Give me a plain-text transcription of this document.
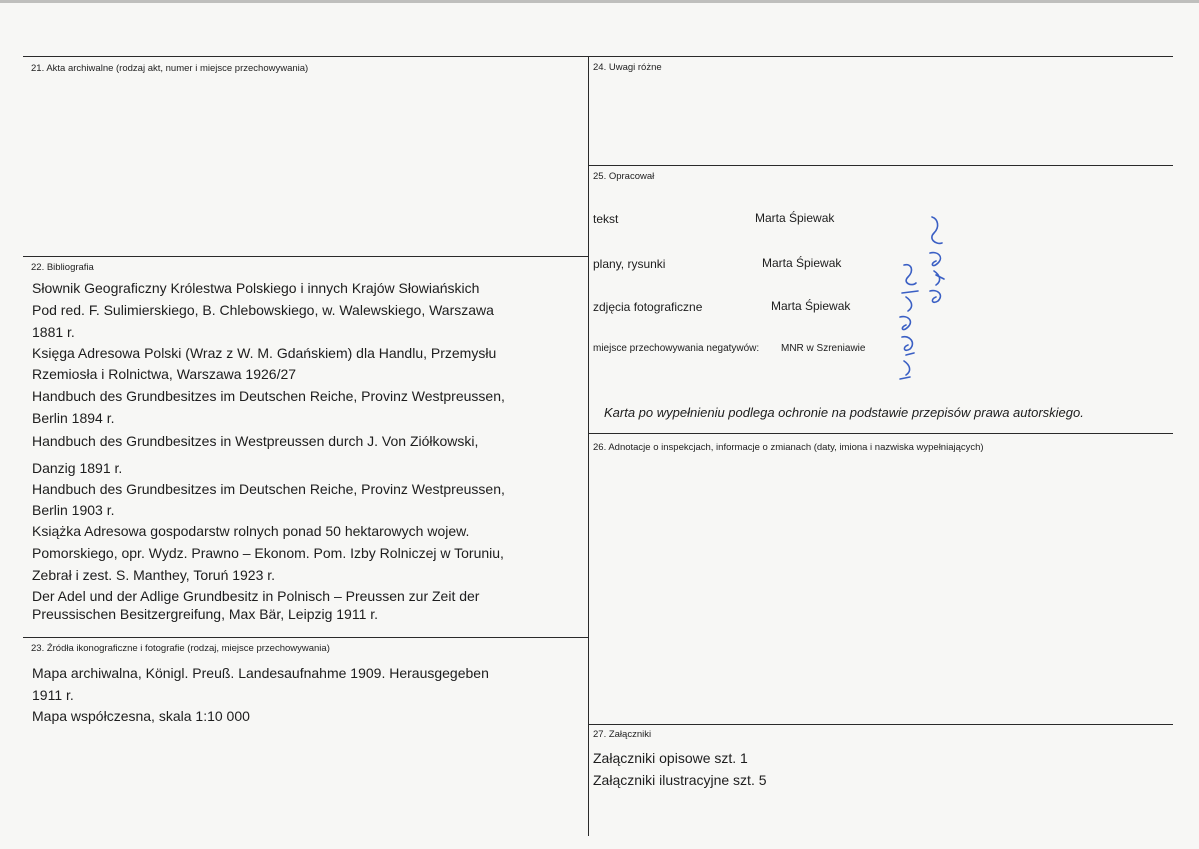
21. Akta archiwalne (rodzaj akt, numer i miejsce przechowywania)
22. Bibliografia
Słownik Geograficzny Królestwa Polskiego i innych Krajów Słowiańskich
Pod red. F. Sulimierskiego, B. Chlebowskiego, w. Walewskiego, Warszawa
1881 r.
Księga Adresowa Polski (Wraz z W. M. Gdańskiem) dla Handlu, Przemysłu
Rzemiosła i Rolnictwa, Warszawa 1926/27
Handbuch des Grundbesitzes im Deutschen Reiche, Provinz Westpreussen,
Berlin 1894 r.
Handbuch des Grundbesitzes in Westpreussen durch J. Von Ziółkowski,
Danzig 1891 r.
Handbuch des Grundbesitzes im Deutschen Reiche, Provinz Westpreussen,
Berlin 1903 r.
Książka Adresowa gospodarstw rolnych ponad 50 hektarowych wojew.
Pomorskiego, opr. Wydz. Prawno – Ekonom. Pom. Izby Rolniczej w Toruniu,
Zebrał i zest. S. Manthey, Toruń 1923 r.
Der Adel und der Adlige Grundbesitz in Polnisch – Preussen zur Zeit der
Preussischen Besitzergreifung, Max Bär, Leipzig 1911 r.
23. Źródła ikonograficzne i fotografie (rodzaj, miejsce przechowywania)
Mapa archiwalna, Königl. Preuß. Landesaufnahme 1909. Herausgegeben
1911 r.
Mapa współczesna, skala 1:10 000
24. Uwagi różne
25. Opracował
tekst	Marta Śpiewak
plany, rysunki	Marta Śpiewak
zdjęcia fotograficzne	Marta Śpiewak
miejsce przechowywania negatywów: MNR w Szreniawie
Karta po wypełnieniu podlega ochronie na podstawie przepisów prawa autorskiego.
26. Adnotacje o inspekcjach, informacje o zmianach (daty, imiona i nazwiska wypełniających)
27. Załączniki
Załączniki opisowe szt. 1
Załączniki ilustracyjne szt. 5
